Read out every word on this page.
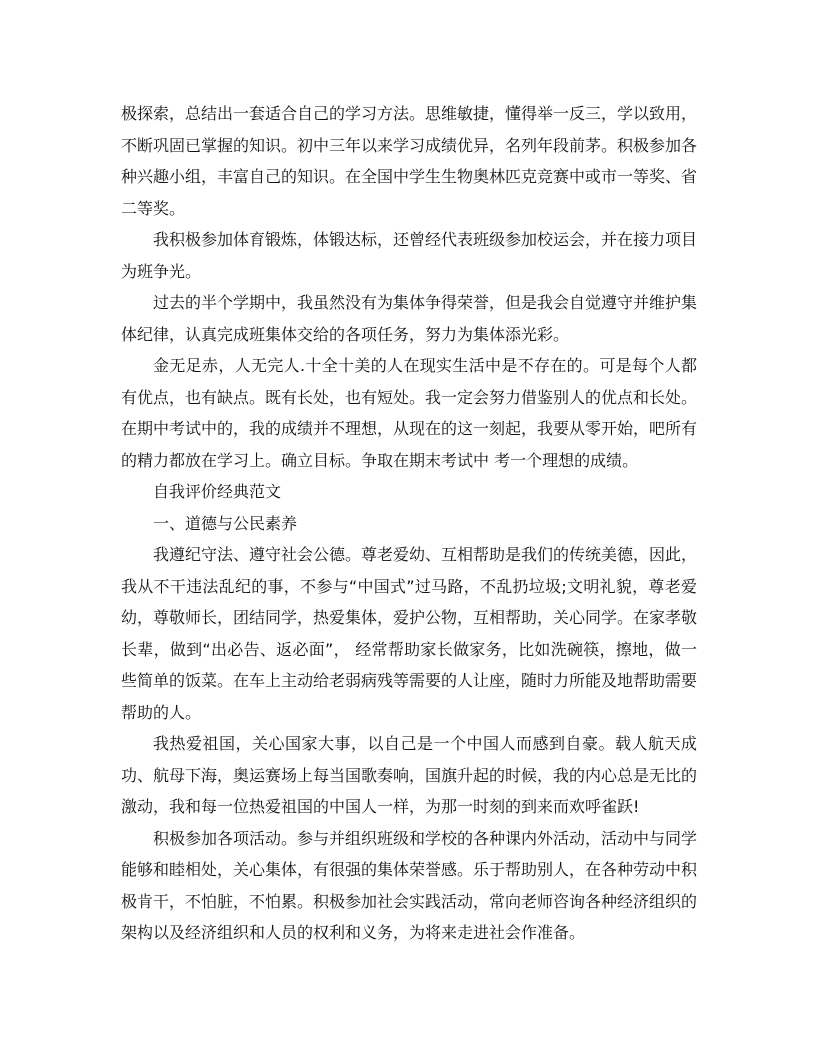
极探索，总结出一套适合自己的学习方法。思维敏捷，懂得举一反三，学以致用，不断巩固已掌握的知识。初中三年以来学习成绩优异，名列年段前茅。积极参加各种兴趣小组，丰富自己的知识。在全国中学生生物奥林匹克竞赛中或市一等奖、省二等奖。

我积极参加体育锻炼，体锻达标，还曾经代表班级参加校运会，并在接力项目为班争光。

过去的半个学期中，我虽然没有为集体争得荣誉，但是我会自觉遵守并维护集体纪律，认真完成班集体交给的各项任务，努力为集体添光彩。

金无足赤，人无完人.十全十美的人在现实生活中是不存在的。可是每个人都有优点，也有缺点。既有长处，也有短处。我一定会努力借鉴别人的优点和长处。在期中考试中的，我的成绩并不理想，从现在的这一刻起，我要从零开始，吧所有的精力都放在学习上。确立目标。争取在期末考试中 考一个理想的成绩。

自我评价经典范文

一、道德与公民素养

我遵纪守法、遵守社会公德。尊老爱幼、互相帮助是我们的传统美德，因此，我从不干违法乱纪的事，不参与“中国式”过马路，不乱扔垃圾;文明礼貌，尊老爱幼，尊敬师长，团结同学，热爱集体，爱护公物，互相帮助，关心同学。在家孝敬长辈，做到“出必告、返必面”， 经常帮助家长做家务，比如洗碗筷，擦地，做一些简单的饭菜。在车上主动给老弱病残等需要的人让座，随时力所能及地帮助需要帮助的人。

我热爱祖国，关心国家大事，以自己是一个中国人而感到自豪。载人航天成功、航母下海，奥运赛场上每当国歌奏响，国旗升起的时候，我的内心总是无比的激动，我和每一位热爱祖国的中国人一样，为那一时刻的到来而欢呼雀跃!

积极参加各项活动。参与并组织班级和学校的各种课内外活动，活动中与同学能够和睦相处，关心集体，有很强的集体荣誉感。乐于帮助别人，在各种劳动中积极肯干，不怕脏，不怕累。积极参加社会实践活动，常向老师咨询各种经济组织的架构以及经济组织和人员的权利和义务，为将来走进社会作准备。
